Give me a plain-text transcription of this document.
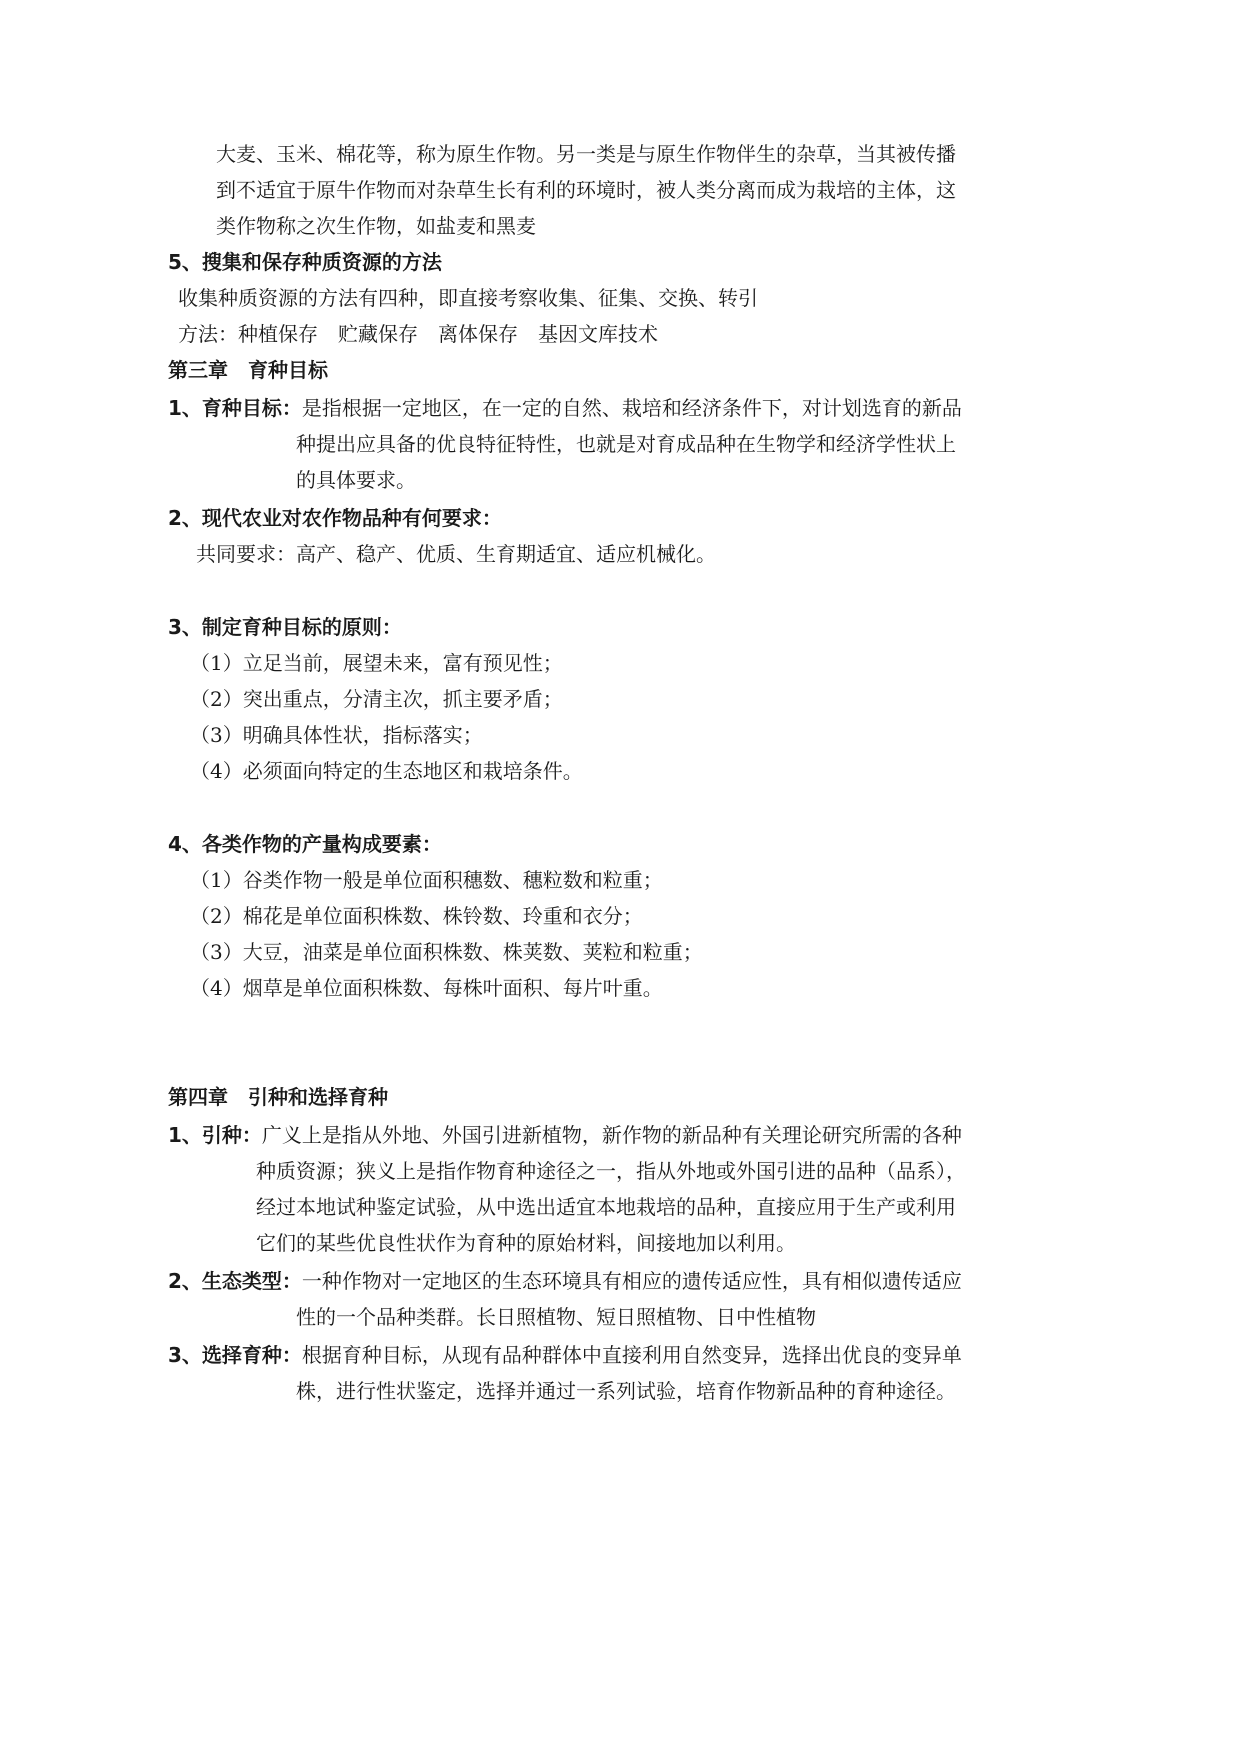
大麦、玉米、棉花等，称为原生作物。另一类是与原生作物伴生的杂草，当其被传播
到不适宜于原牛作物而对杂草生长有利的环境时，被人类分离而成为栽培的主体，这
类作物称之次生作物，如盐麦和黑麦
5、搜集和保存种质资源的方法
收集种质资源的方法有四种，即直接考察收集、征集、交换、转引
方法：种植保存　贮藏保存　离体保存　基因文库技术
第三章　育种目标
1、育种目标：是指根据一定地区，在一定的自然、栽培和经济条件下，对计划选育的新品
种提出应具备的优良特征特性，也就是对育成品种在生物学和经济学性状上
的具体要求。
2、现代农业对农作物品种有何要求：
共同要求：高产、稳产、优质、生育期适宜、适应机械化。
3、制定育种目标的原则：
（1）立足当前，展望未来，富有预见性；
（2）突出重点，分清主次，抓主要矛盾；
（3）明确具体性状，指标落实；
（4）必须面向特定的生态地区和栽培条件。
4、各类作物的产量构成要素：
（1）谷类作物一般是单位面积穗数、穗粒数和粒重；
（2）棉花是单位面积株数、株铃数、玲重和衣分；
（3）大豆，油菜是单位面积株数、株荚数、荚粒和粒重；
（4）烟草是单位面积株数、每株叶面积、每片叶重。
第四章　引种和选择育种
1、引种：广义上是指从外地、外国引进新植物，新作物的新品种有关理论研究所需的各种
种质资源；狭义上是指作物育种途径之一，指从外地或外国引进的品种（品系），
经过本地试种鉴定试验，从中选出适宜本地栽培的品种，直接应用于生产或利用
它们的某些优良性状作为育种的原始材料，间接地加以利用。
2、生态类型：一种作物对一定地区的生态环境具有相应的遗传适应性，具有相似遗传适应
性的一个品种类群。长日照植物、短日照植物、日中性植物
3、选择育种：根据育种目标，从现有品种群体中直接利用自然变异，选择出优良的变异单
株，进行性状鉴定，选择并通过一系列试验，培育作物新品种的育种途径。
